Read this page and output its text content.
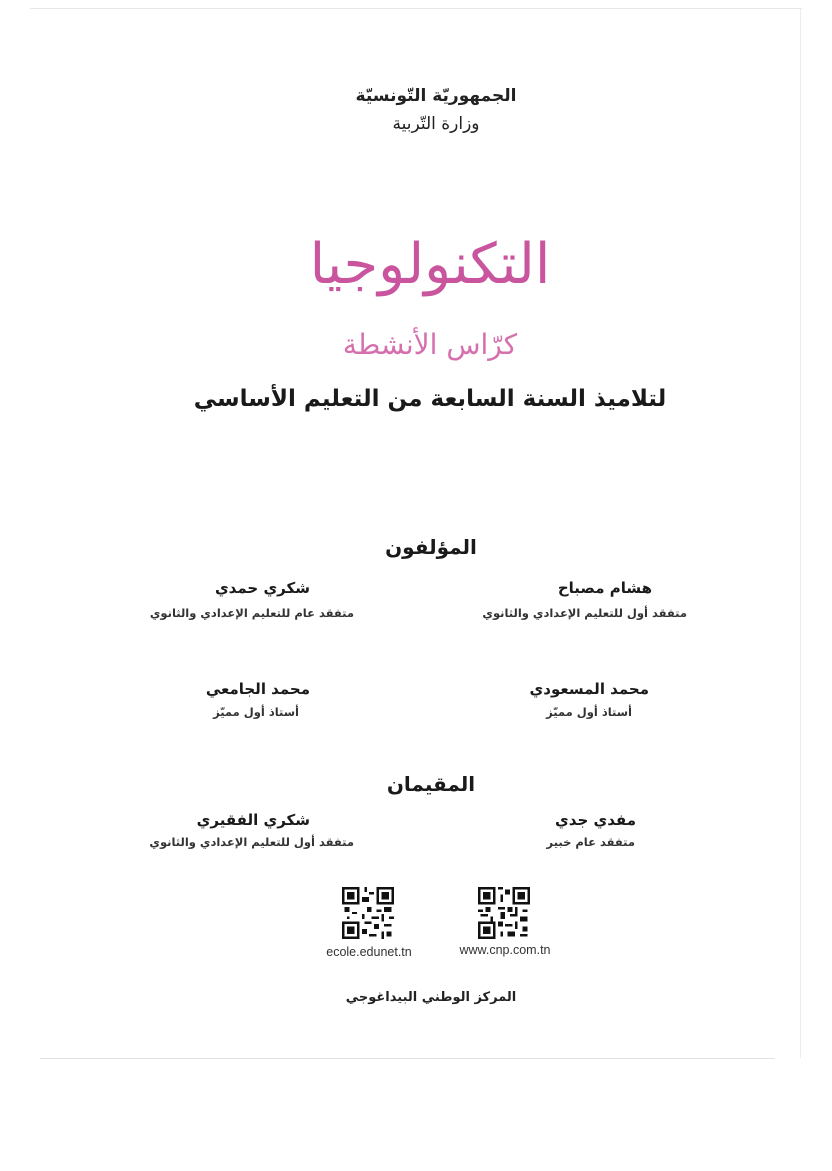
الجمهوريّة التّونسيّة
وزارة التّربية
التكنولوجيا
كرّاس الأنشطة
لتلاميذ السنة السابعة من التعليم الأساسي
المؤلفون
هشام مصباح
متفقد أول للتعليم الإعدادي والثانوي
شكري حمدي
متفقد عام للتعليم الإعدادي والثانوي
محمد المسعودي
أستاذ أول مميّز
محمد الجامعي
أستاذ أول مميّز
المقيمان
مفدي جدي
متفقد عام خبير
شكري الفقيري
متفقد أول للتعليم الإعدادي والثانوي
www.cnp.com.tn
ecole.edunet.tn
المركز الوطني البيداغوجي
